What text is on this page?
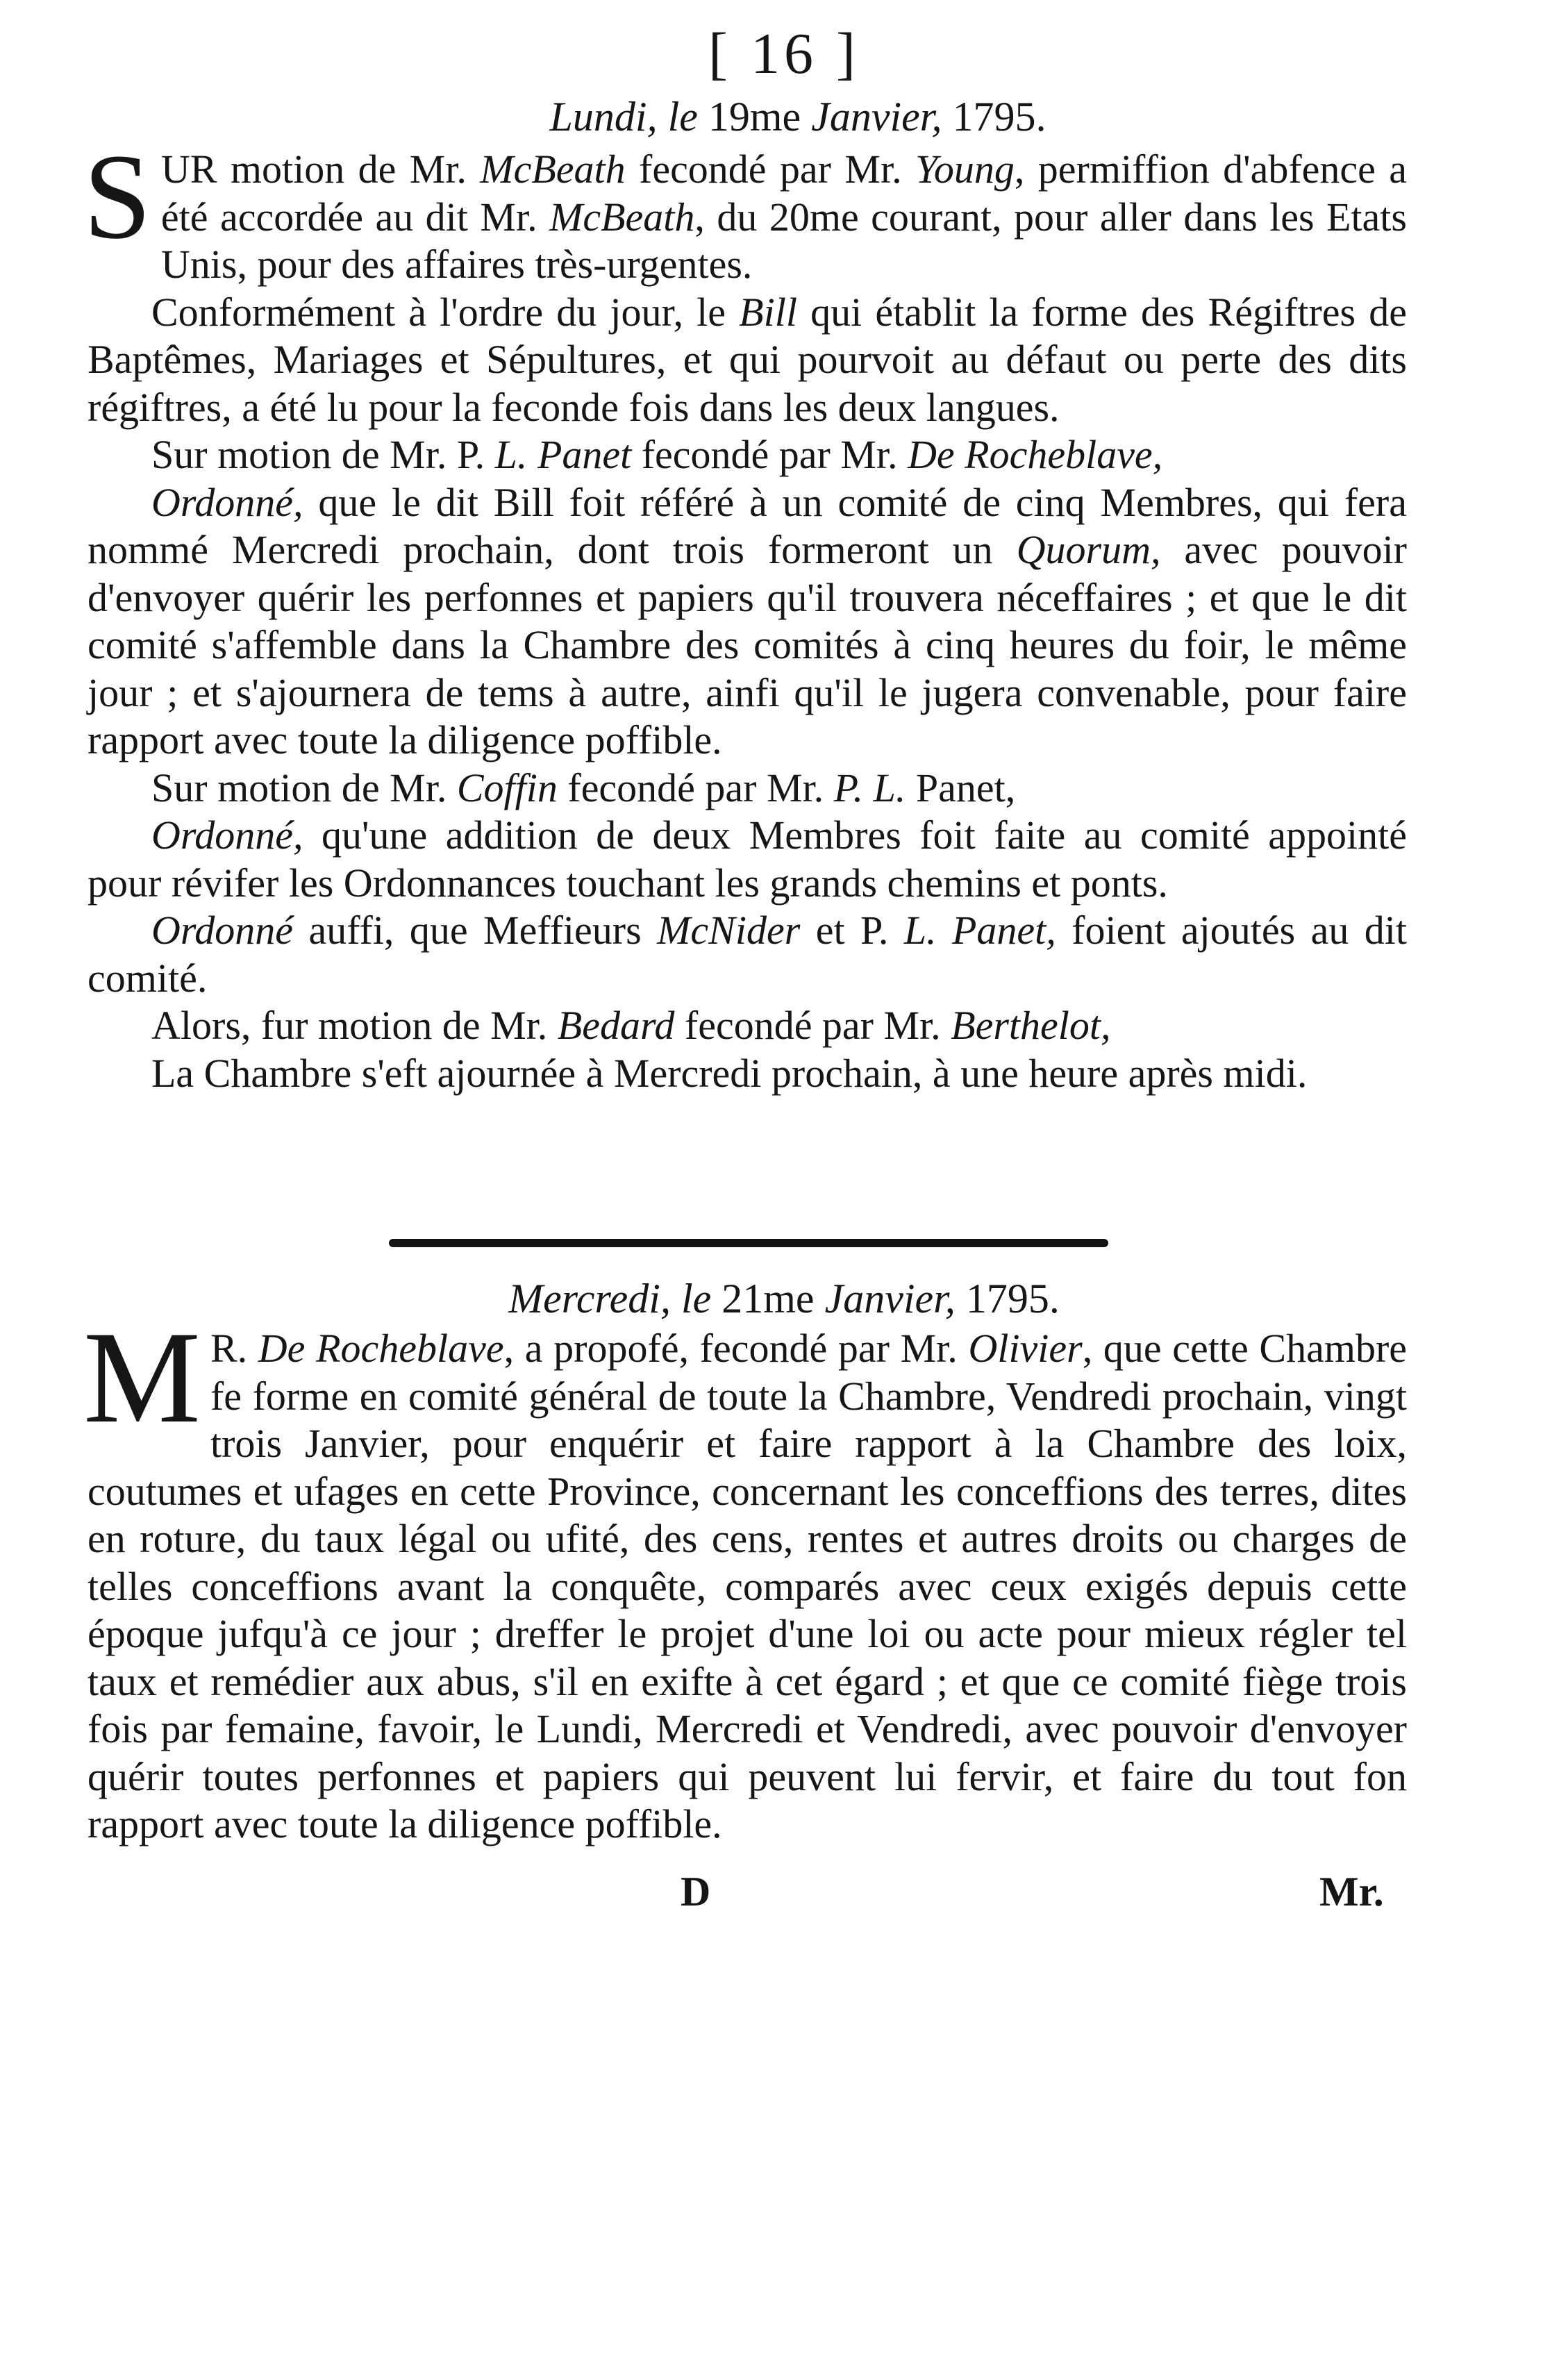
[ 16 ]
Lundi, le 19me Janvier, 1795.

SUR motion de Mr. McBeath fecondé par Mr. Young, permiffion d'abfence a été accordée au dit Mr. McBeath, du 20me courant, pour aller dans les Etats Unis, pour des affaires très-urgentes.

Conformément à l'ordre du jour, le Bill qui établit la forme des Régiftres de Baptêmes, Mariages et Sépultures, et qui pourvoit au défaut ou perte des dits régiftres, a été lu pour la feconde fois dans les deux langues.

Sur motion de Mr. P. L. Panet fecondé par Mr. De Rocheblave,

Ordonné, que le dit Bill foit référé à un comité de cinq Membres, qui fera nommé Mercredi prochain, dont trois formeront un Quorum, avec pouvoir d'envoyer quérir les perfonnes et papiers qu'il trouvera néceffaires ; et que le dit comité s'affemble dans la Chambre des comités à cinq heures du foir, le même jour ; et s'ajournera de tems à autre, ainfi qu'il le jugera convenable, pour faire rapport avec toute la diligence poffible.

Sur motion de Mr. Coffin fecondé par Mr. P. L. Panet,

Ordonné, qu'une addition de deux Membres foit faite au comité appointé pour révifer les Ordonnances touchant les grands chemins et ponts.

Ordonné auffi, que Meffieurs McNider et P. L. Panet, foient ajoutés au dit comité.

Alors, fur motion de Mr. Bedard fecondé par Mr. Berthelot,

La Chambre s'eft ajournée à Mercredi prochain, à une heure après midi.

Mercredi, le 21me Janvier, 1795.

M R. De Rocheblave, a propofé, fecondé par Mr. Olivier, que cette Chambre fe forme en comité général de toute la Chambre, Vendredi prochain, vingt trois Janvier, pour enquérir et faire rapport à la Chambre des loix, coutumes et ufages en cette Province, concernant les conceffions des terres, dites en roture, du taux légal ou ufité, des cens, rentes et autres droits ou charges de telles conceffions avant la conquête, comparés avec ceux exigés depuis cette époque jufqu'à ce jour ; dreffer le projet d'une loi ou acte pour mieux régler tel taux et remédier aux abus, s'il en exifte à cet égard ; et que ce comité fiège trois fois par femaine, favoir, le Lundi, Mercredi et Vendredi, avec pouvoir d'envoyer quérir toutes perfonnes et papiers qui peuvent lui fervir, et faire du tout fon rapport avec toute la diligence poffible.

D	Mr.
